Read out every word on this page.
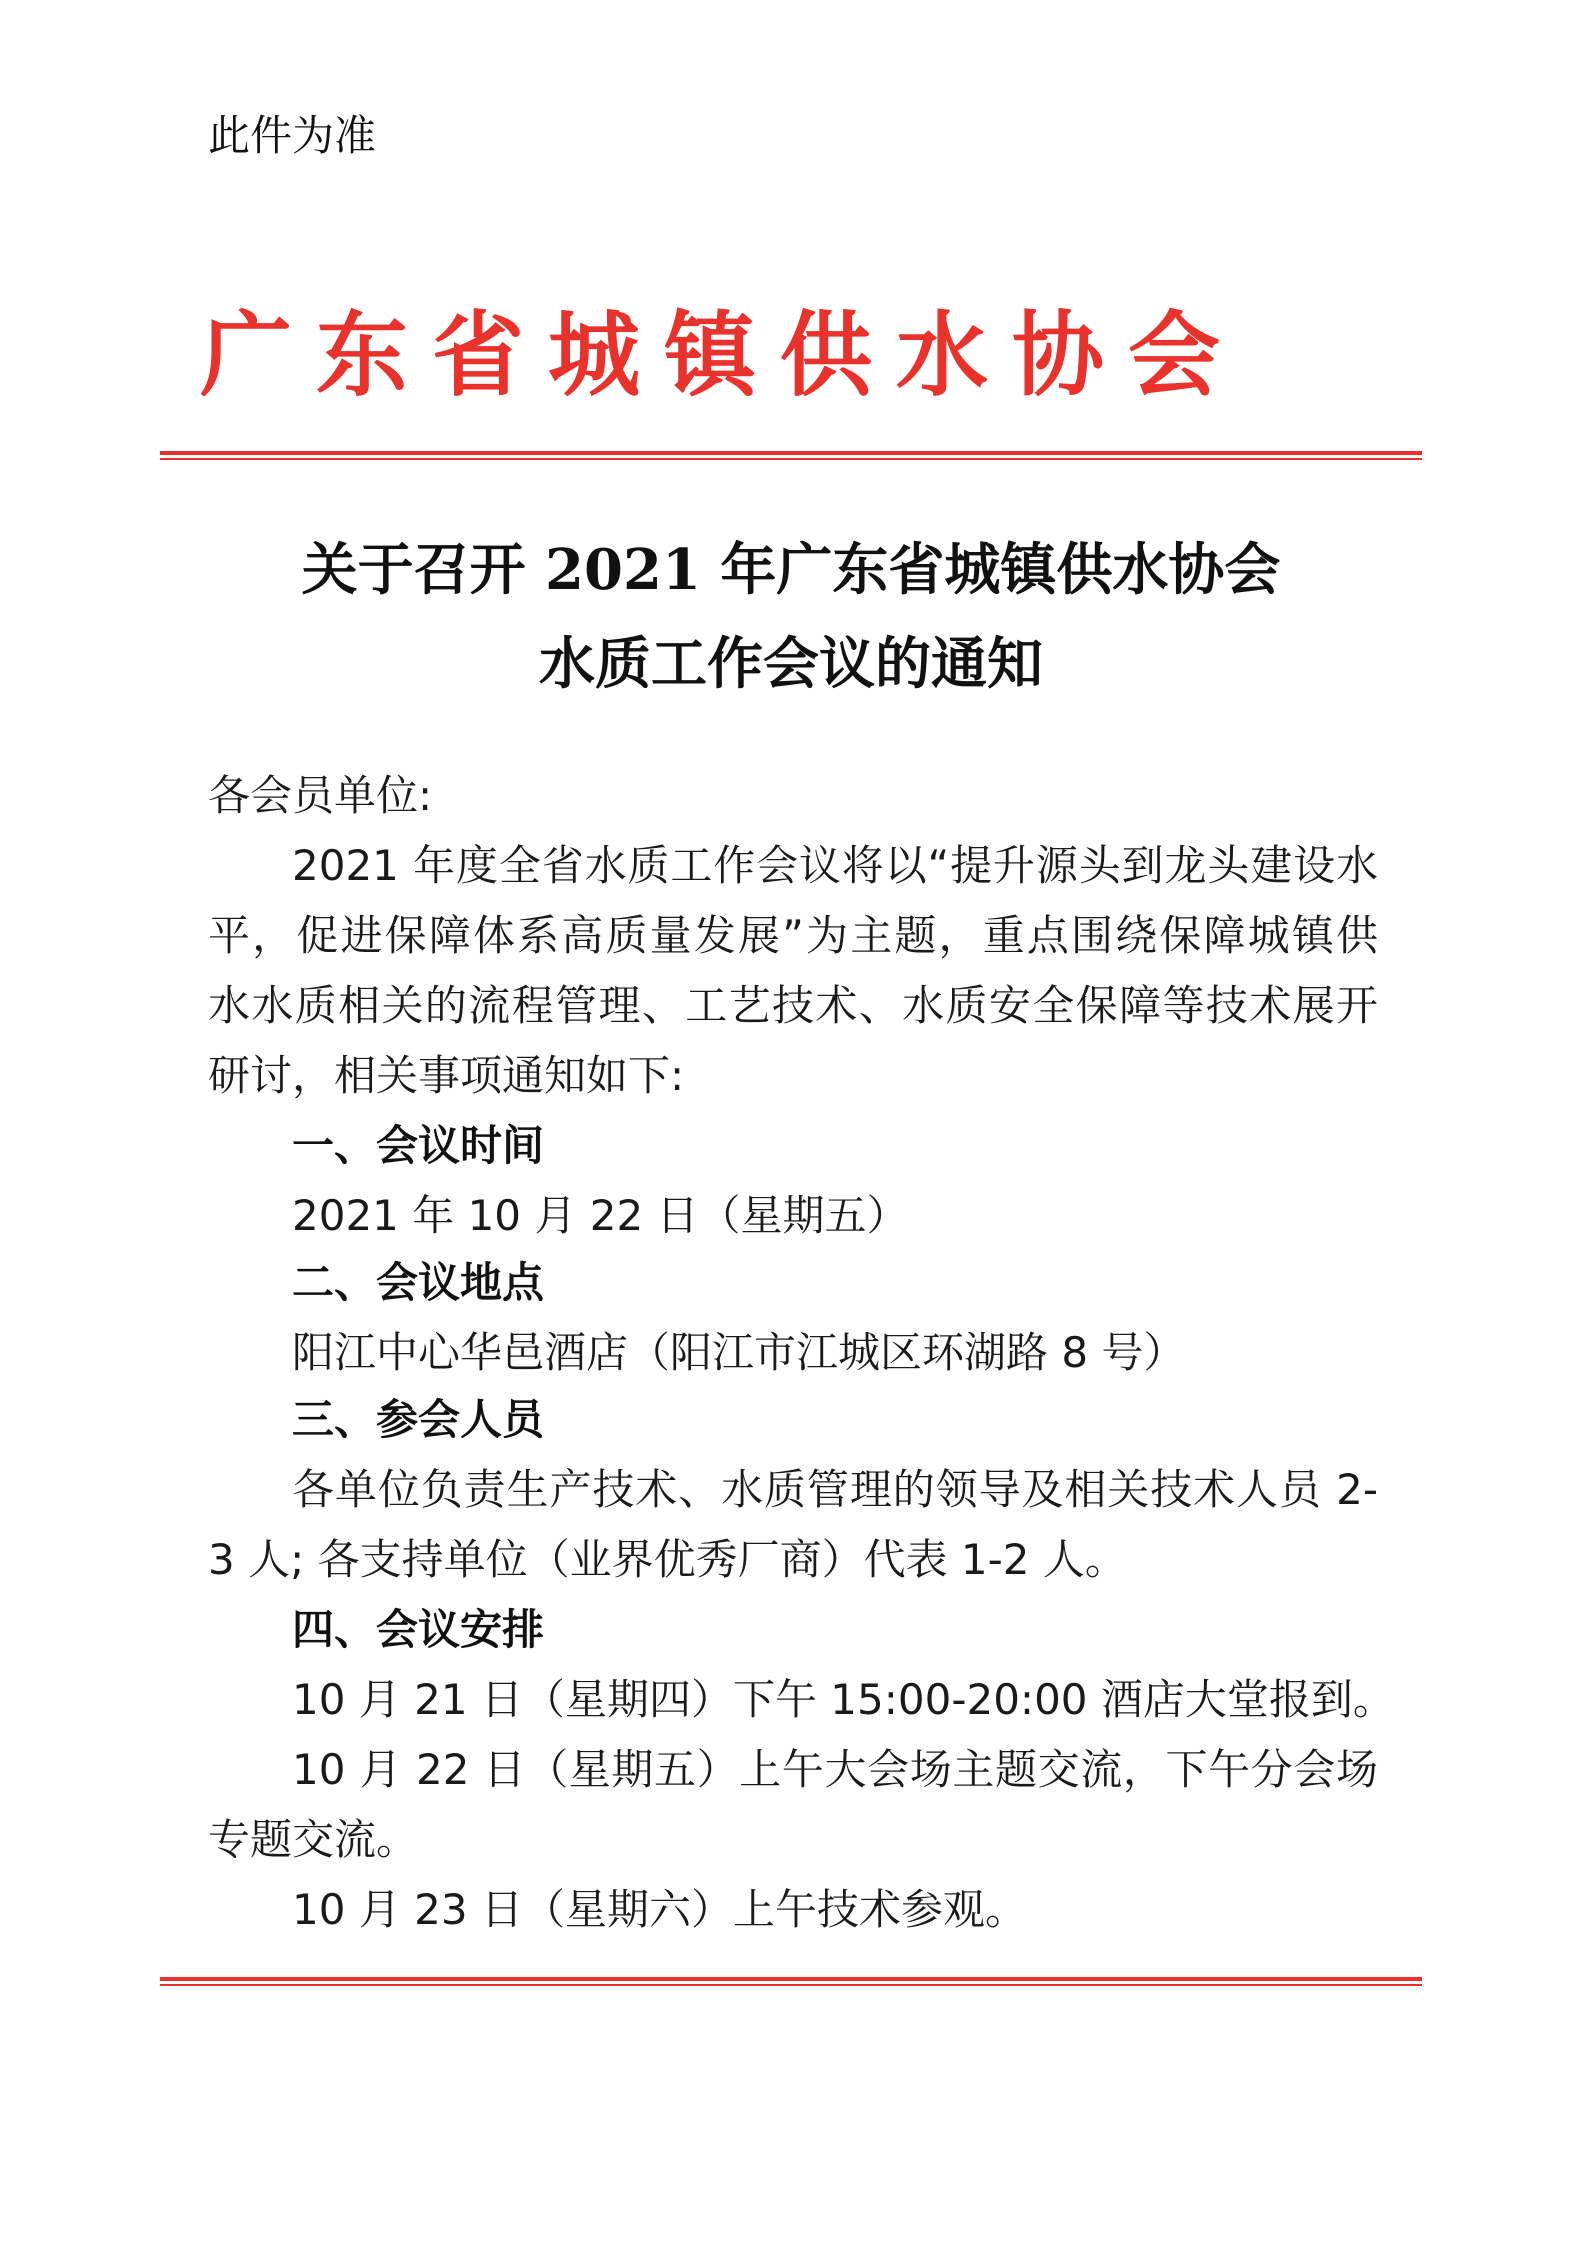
此件为准
广东省城镇供水协会
关于召开 2021 年广东省城镇供水协会
水质工作会议的通知
各会员单位:
2021 年度全省水质工作会议将以“提升源头到龙头建设水
平，促进保障体系高质量发展”为主题，重点围绕保障城镇供
水水质相关的流程管理、工艺技术、水质安全保障等技术展开
研讨，相关事项通知如下:
一、会议时间
2021 年 10 月 22 日（星期五）
二、会议地点
阳江中心华邑酒店（阳江市江城区环湖路 8 号）
三、参会人员
各单位负责生产技术、水质管理的领导及相关技术人员 2-
3 人; 各支持单位（业界优秀厂商）代表 1-2 人。
四、会议安排
10 月 21 日（星期四）下午 15:00-20:00 酒店大堂报到。
10 月 22 日（星期五）上午大会场主题交流，下午分会场
专题交流。
10 月 23 日（星期六）上午技术参观。
